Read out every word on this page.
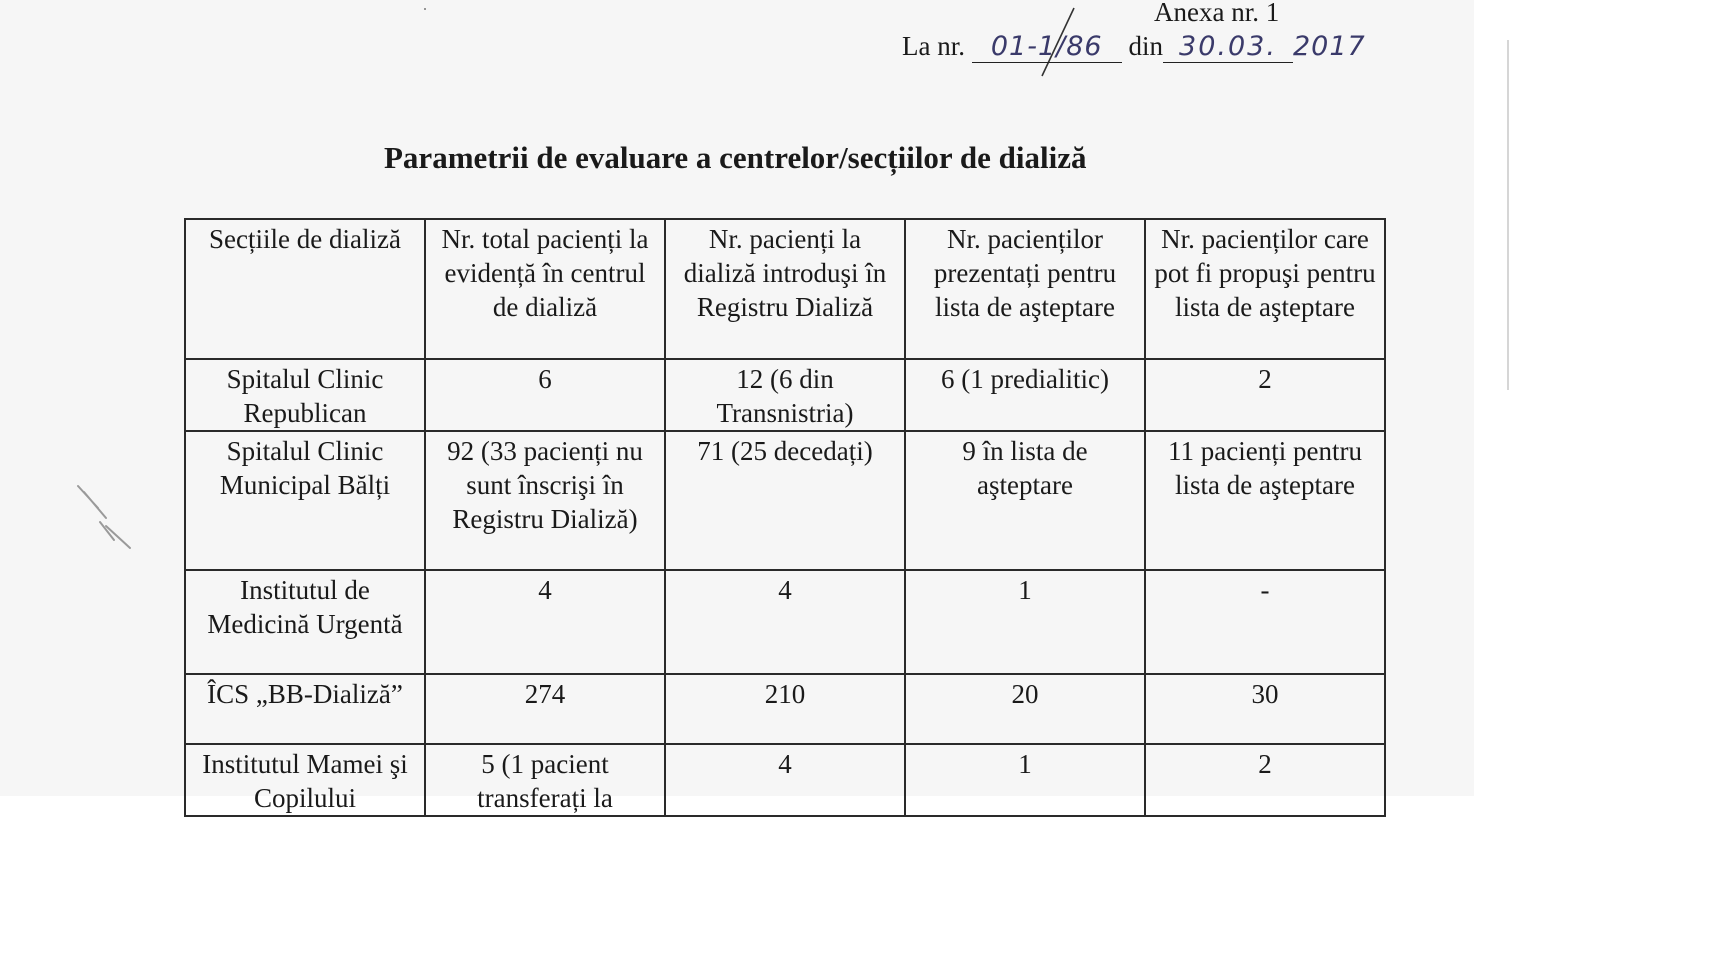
Anexa nr. 1
La nr. 01-1/86 din 30.03. 2017
Parametrii de evaluare a centrelor/secțiilor de dializă
Secțiile de dializă	Nr. total pacienți la evidență în centrul de dializă	Nr. pacienți la dializă introduşi în Registru Dializă	Nr. pacienților prezentați pentru lista de aşteptare	Nr. pacienților care pot fi propuşi pentru lista de aşteptare
Spitalul Clinic Republican	6	12 (6 din Transnistria)	6 (1 predialitic)	2
Spitalul Clinic Municipal Bălți	92 (33 pacienți nu sunt înscrişi în Registru Dializă)	71 (25 decedați)	9 în lista de aşteptare	11 pacienți pentru lista de aşteptare
Institutul de Medicină Urgentă	4	4	1	-
ÎCS „BB-Dializă”	274	210	20	30
Institutul Mamei şi Copilului	5 (1 pacient transferați la	4	1	2
